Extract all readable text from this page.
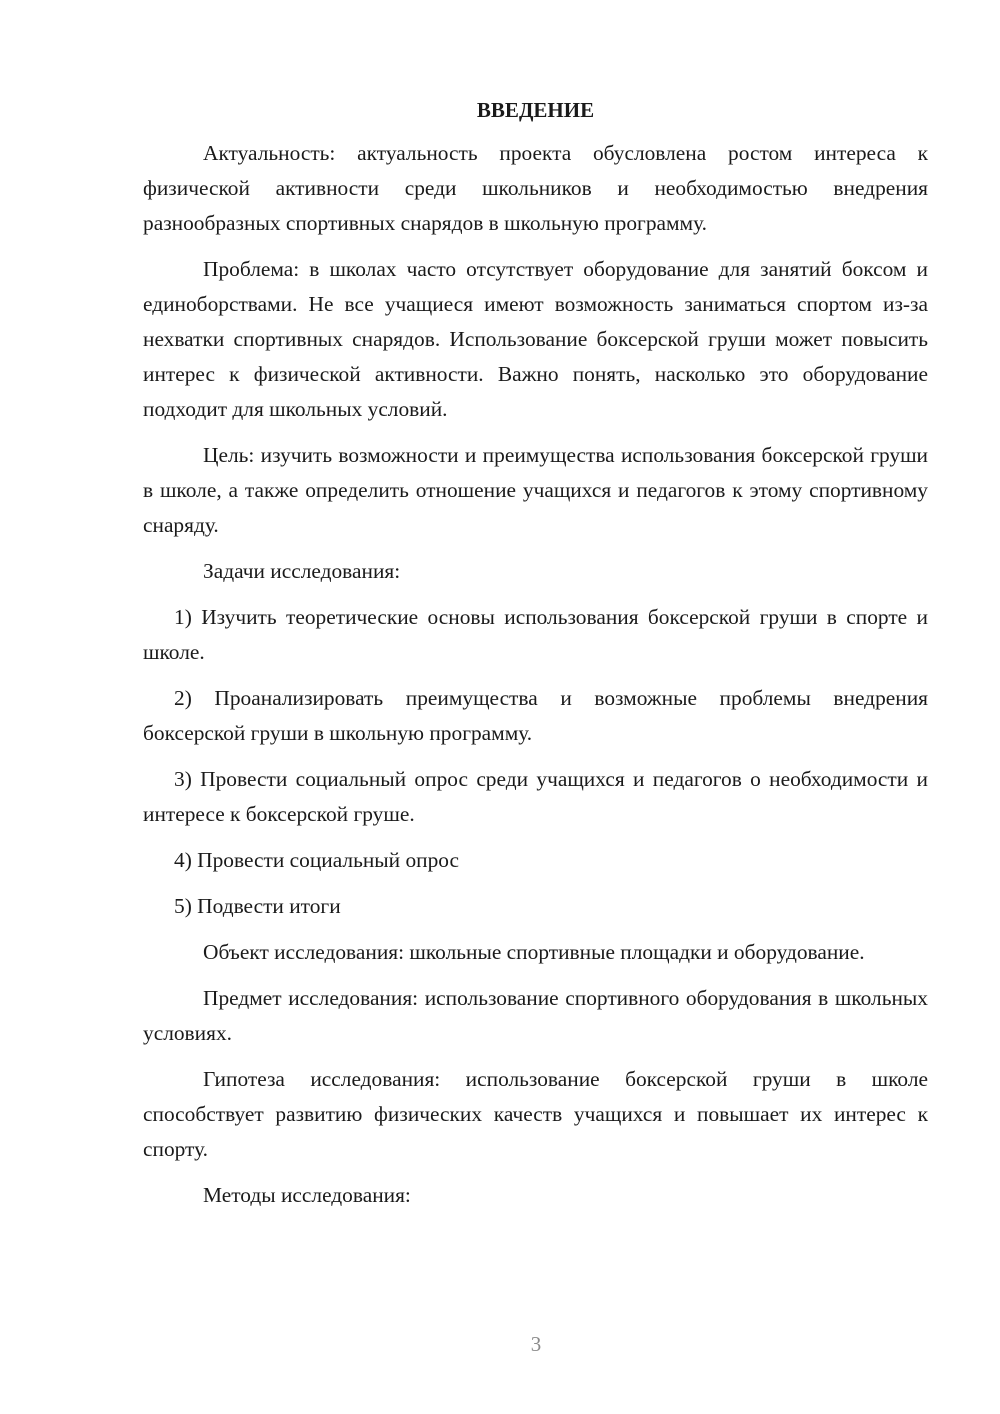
ВВЕДЕНИЕ

Актуальность: актуальность проекта обусловлена ростом интереса к физической активности среди школьников и необходимостью внедрения разнообразных спортивных снарядов в школьную программу.

Проблема: в школах часто отсутствует оборудование для занятий боксом и единоборствами. Не все учащиеся имеют возможность заниматься спортом из-за нехватки спортивных снарядов. Использование боксерской груши может повысить интерес к физической активности. Важно понять, насколько это оборудование подходит для школьных условий.

Цель: изучить возможности и преимущества использования боксерской груши в школе, а также определить отношение учащихся и педагогов к этому спортивному снаряду.

Задачи исследования:

1) Изучить теоретические основы использования боксерской груши в спорте и школе.

2) Проанализировать преимущества и возможные проблемы внедрения боксерской груши в школьную программу.

3) Провести социальный опрос среди учащихся и педагогов о необходимости и интересе к боксерской груше.

4) Провести социальный опрос

5) Подвести итоги

Объект исследования: школьные спортивные площадки и оборудование.

Предмет исследования: использование спортивного оборудования в школьных условиях.

Гипотеза исследования: использование боксерской груши в школе способствует развитию физических качеств учащихся и повышает их интерес к спорту.

Методы исследования:

3
